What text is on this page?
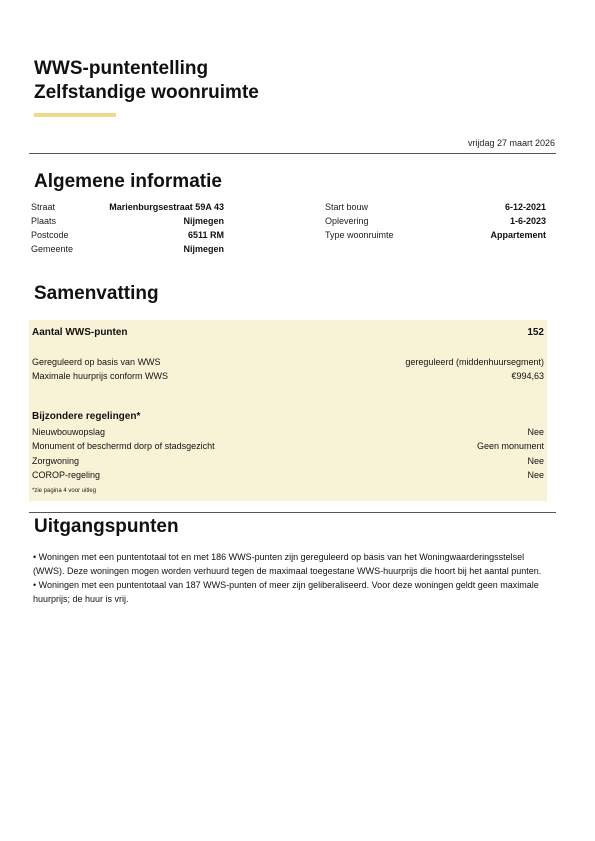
WWS-puntentelling
Zelfstandige woonruimte
vrijdag 27 maart 2026
Algemene informatie
Straat	Marienburgsestraat 59A 43
Plaats	Nijmegen
Postcode	6511 RM
Gemeente	Nijmegen
Start bouw	6-12-2021
Oplevering	1-6-2023
Type woonruimte	Appartement
Samenvatting
Aantal WWS-punten	152
Gereguleerd op basis van WWS	gereguleerd (middenhuursegment)
Maximale huurprijs conform WWS	€994,63
Bijzondere regelingen*
Nieuwbouwopslag	Nee
Monument of beschermd dorp of stadsgezicht	Geen monument
Zorgwoning	Nee
COROP-regeling	Nee
*zie pagina 4 voor uitleg
Uitgangspunten

• Woningen met een puntentotaal tot en met 186 WWS-punten zijn gereguleerd op basis van het Woningwaarderingsstelsel (WWS). Deze woningen mogen worden verhuurd tegen de maximaal toegestane WWS-huurprijs die hoort bij het aantal punten.

• Woningen met een puntentotaal van 187 WWS-punten of meer zijn geliberaliseerd. Voor deze woningen geldt geen maximale huurprijs; de huur is vrij.
